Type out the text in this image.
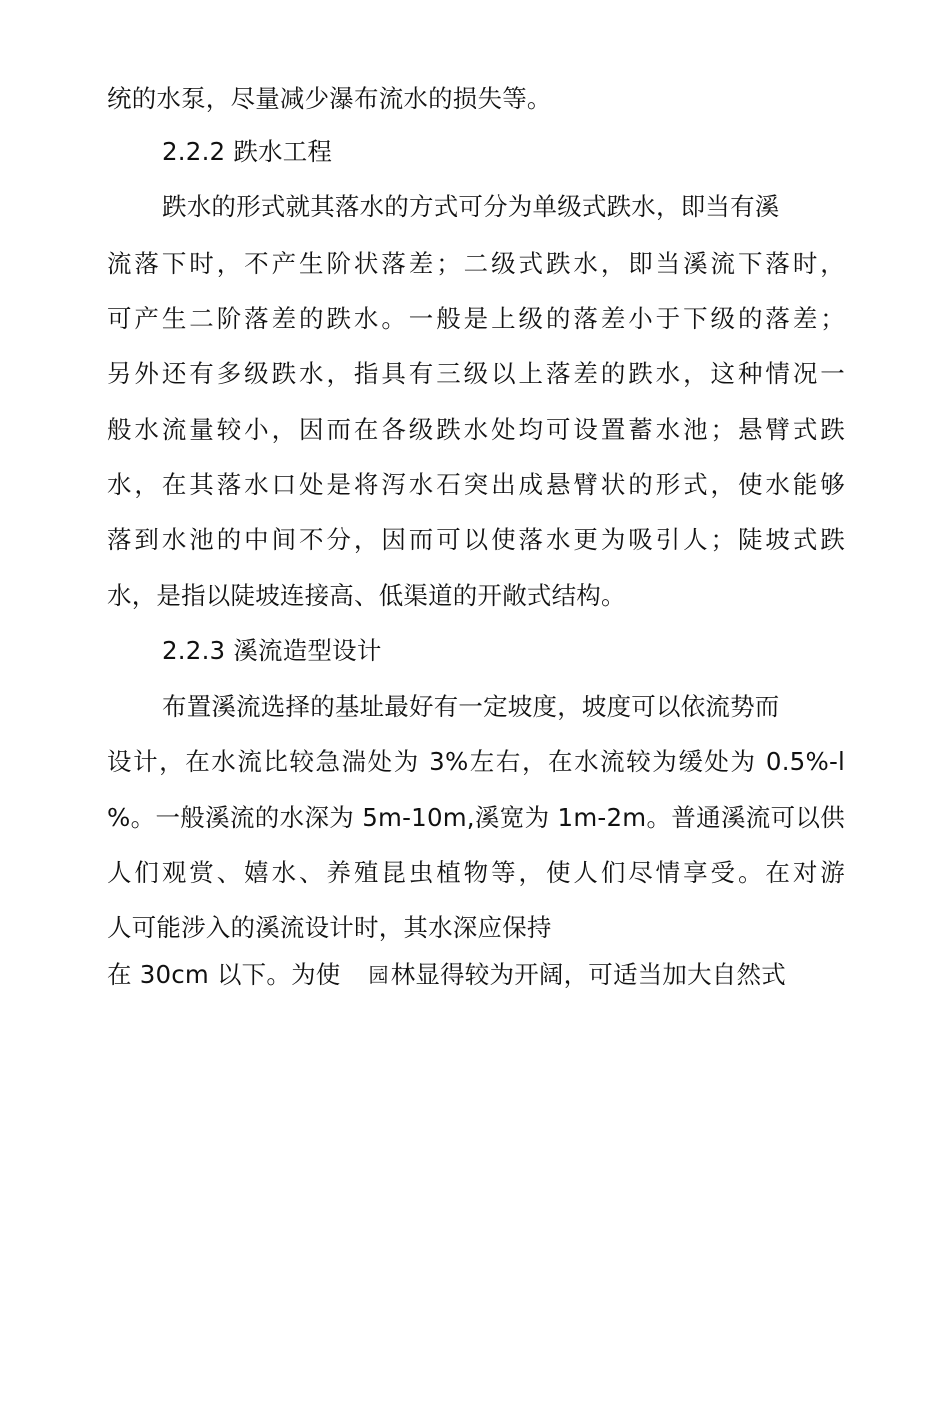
统的水泵，尽量减少瀑布流水的损失等。
2.2.2 跌水工程
跌水的形式就其落水的方式可分为单级式跌水，即当有溪
流落下时，不产生阶状落差；二级式跌水，即当溪流下落时，
可产生二阶落差的跌水。一般是上级的落差小于下级的落差；
另外还有多级跌水，指具有三级以上落差的跌水，这种情况一
般水流量较小，因而在各级跌水处均可设置蓄水池；悬臂式跌
水，在其落水口处是将泻水石突出成悬臂状的形式，使水能够
落到水池的中间不分，因而可以使落水更为吸引人；陡坡式跌
水，是指以陡坡连接高、低渠道的开敞式结构。
2.2.3 溪流造型设计
布置溪流选择的基址最好有一定坡度，坡度可以依流势而
设计，在水流比较急湍处为 3%左右，在水流较为缓处为 0.5%-l
%。一般溪流的水深为 5m-10m,溪宽为 1m-2m。普通溪流可以供
人们观赏、嬉水、养殖昆虫植物等，使人们尽情享受。在对游
人可能涉入的溪流设计时，其水深应保持
在 30cm 以下。为使 园林显得较为开阔，可适当加大自然式
